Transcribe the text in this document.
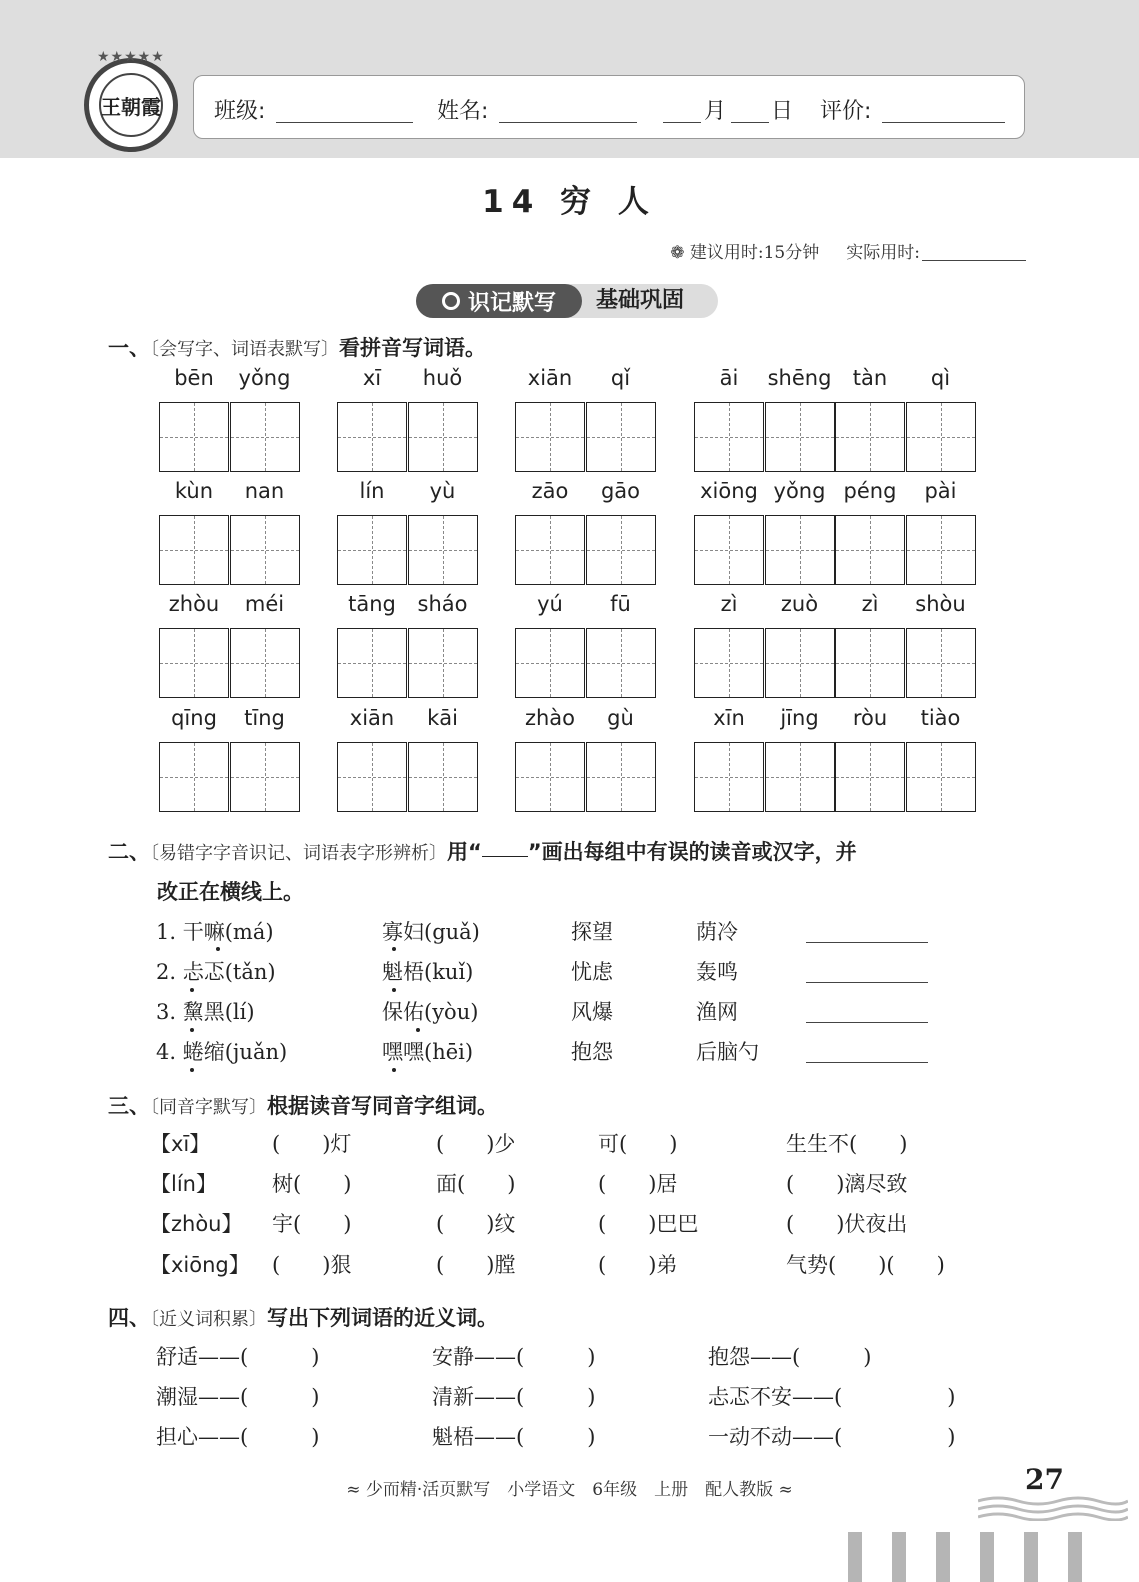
★★★★★
王朝霞 班级:	姓名:	月 日 评价:
14 穷 人
❁ 建议用时:15分钟 实际用时:
识记默写 基础巩固
一、〔会写字、词语表默写〕看拼音写词语。
bēn	yǒng	xī	huǒ	xiān	qǐ	āi	shēng	tàn	qì
kùn	nan	lín	yù	zāo	gāo	xiōng yǒng péng	pài
zhòu	méi	tāng	sháo	yú	fū	zì	zuò	zì	shòu
qīng	tīng	xiān	kāi	zhào	gù	xīn	jīng	ròu	tiào
二、〔易错字字音识记、词语表字形辨析〕用“ ”画出每组中有误的读音或汉字，并
改正在横线上。
1. 干嘛(má)	寡妇(guǎ)	探望	荫冷
2. 忐忑(tǎn)	魁梧(kuǐ)	忧虑	轰鸣
3. 黧黑(lí)	保佑(yòu)	风爆	渔网
4. 蜷缩(juǎn)	嘿嘿(hēi)	抱怨	后脑勺
三、〔同音字默写〕根据读音写同音字组词。
【xī】	(　　)灯	(　　)少	可(　　)	生生不(　　)
【lín】	树(　　)	面(　　)	(　　)居	(　　)漓尽致
【zhòu】 宇(　　)	(　　)纹	(　　)巴巴	(　　)伏夜出
【xiōng】 (　　)狠	(　　)膛	(　　)弟	气势(　　)(　　)
四、〔近义词积累〕写出下列词语的近义词。
舒适——(　　　)	安静——(　　　)	抱怨——(　　　)
潮湿——(　　　)	清新——(　　　)	忐忑不安——(　　　　　)
担心——(　　　)	魁梧——(　　　)	一动不动——(　　　　　)
≈ 少而精·活页默写　小学语文　6年级　上册　配人教版 ≈	27
